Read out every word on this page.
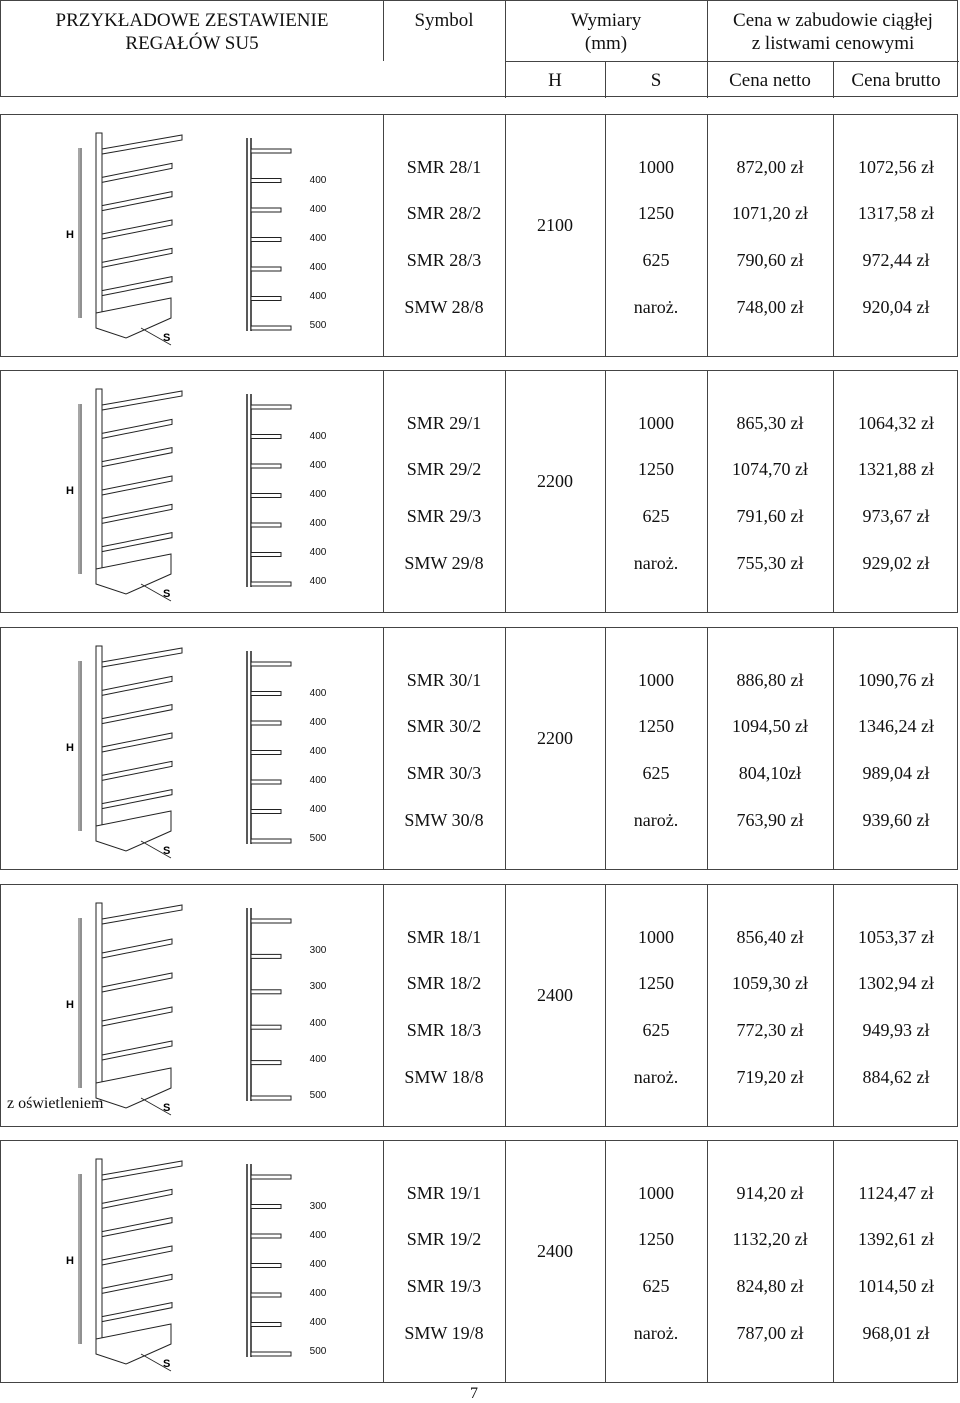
PRZYKŁADOWE ZESTAWIENIE
REGAŁÓW SU5
Symbol	Wymiary
(mm)
Cena w zabudowie ciągłej
z listwami cenowymi
H	S	Cena netto	Cena brutto
H
S
400
400
400
400
400
500
2100
SMR 28/1	1000	872,00 zł	1072,56 zł
SMR 28/2	1250	1071,20 zł	1317,58 zł
SMR 28/3	625	790,60 zł	972,44 zł
SMW 28/8	naroż.	748,00 zł	920,04 zł
H
S
400
400
400
400
400
400
2200
SMR 29/1	1000	865,30 zł	1064,32 zł
SMR 29/2	1250	1074,70 zł	1321,88 zł
SMR 29/3	625	791,60 zł	973,67 zł
SMW 29/8	naroż.	755,30 zł	929,02 zł
H
S
400
400
400
400
400
500
2200
SMR 30/1	1000	886,80 zł	1090,76 zł
SMR 30/2	1250	1094,50 zł	1346,24 zł
SMR 30/3	625	804,10zł	989,04 zł
SMW 30/8	naroż.	763,90 zł	939,60 zł
H
S
300
300
400
400
500
2400
SMR 18/1	1000	856,40 zł	1053,37 zł
SMR 18/2	1250	1059,30 zł	1302,94 zł
SMR 18/3	625	772,30 zł	949,93 zł
SMW 18/8	naroż.	719,20 zł	884,62 zł
z oświetleniem
H
S
300
400
400
400
400
500
2400
SMR 19/1	1000	914,20 zł	1124,47 zł
SMR 19/2	1250	1132,20 zł	1392,61 zł
SMR 19/3	625	824,80 zł	1014,50 zł
SMW 19/8	naroż.	787,00 zł	968,01 zł
7
